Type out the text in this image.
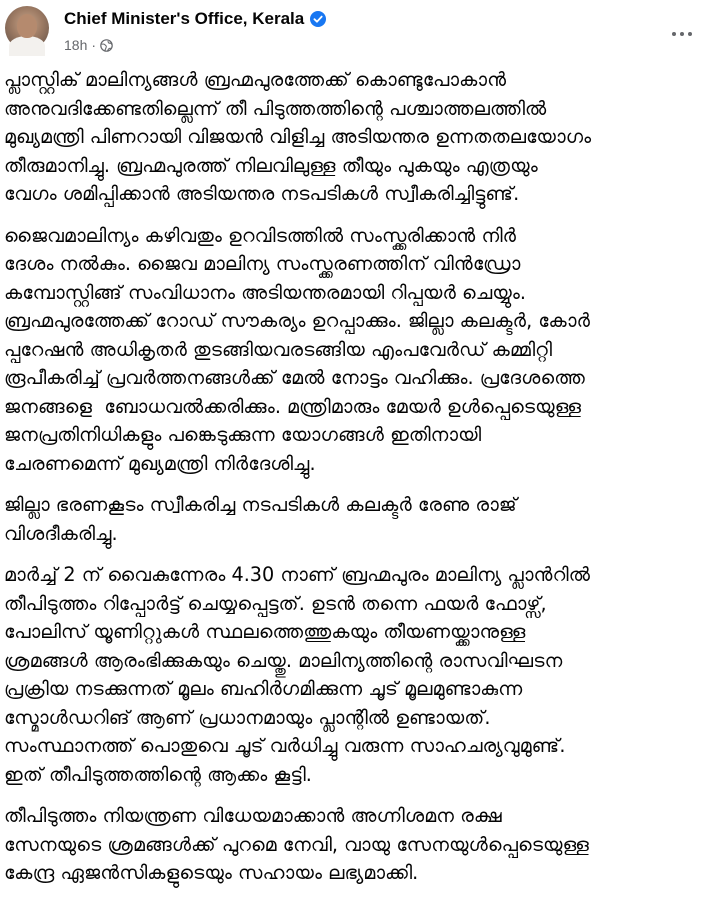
Chief Minister's Office, Kerala
18h ·

പ്ലാസ്റ്റിക് മാലിന്യങ്ങള്‍ ബ്രഹ്മപുരത്തേക്ക് കൊണ്ടുപോകാന്‍
അനുവദിക്കേണ്ടതില്ലെന്ന് തീ പിടുത്തത്തിന്റെ പശ്ചാത്തലത്തില്‍
മുഖ്യമന്ത്രി പിണറായി വിജയന്‍ വിളിച്ച അടിയന്തര ഉന്നതതലയോഗം
തീരുമാനിച്ചു. ബ്രഹ്മപുരത്ത് നിലവിലുള്ള തീയും പുകയും എത്രയും
വേഗം ശമിപ്പിക്കാന്‍ അടിയന്തര നടപടികള്‍ സ്വീകരിച്ചിട്ടുണ്ട്.

ജൈവമാലിന്യം കഴിവതും ഉറവിടത്തില്‍ സംസ്ക്കരിക്കാന്‍ നിര്‍
ദേശം നല്‍കും. ജൈവ മാലിന്യ സംസ്ക്കരണത്തിന് വിന്‍ഡ്രോ
കമ്പോസ്റ്റിങ്ങ് സംവിധാനം അടിയന്തരമായി റിപ്പയര്‍ ചെയ്യും.
ബ്രഹ്മപുരത്തേക്ക് റോഡ് സൗകര്യം ഉറപ്പാക്കും. ജില്ലാ കലക്ടര്‍, കോര്‍
പ്പറേഷന്‍ അധികൃതര്‍ തുടങ്ങിയവരടങ്ങിയ എംപവേര്‍ഡ് കമ്മിറ്റി
രൂപീകരിച്ച് പ്രവര്‍ത്തനങ്ങള്‍ക്ക് മേല്‍ നോട്ടം വഹിക്കും. പ്രദേശത്തെ
ജനങ്ങളെ  ബോധവല്‍ക്കരിക്കും. മന്ത്രിമാരും മേയര്‍ ഉള്‍പ്പെടെയുള്ള
ജനപ്രതിനിധികളും പങ്കെടുക്കുന്ന യോഗങ്ങള്‍ ഇതിനായി
ചേരണമെന്ന് മുഖ്യമന്ത്രി നിര്‍ദേശിച്ചു.

ജില്ലാ ഭരണകൂടം സ്വീകരിച്ച നടപടികള്‍ കലക്ടര്‍ രേണു രാജ്
വിശദീകരിച്ചു.

മാര്‍ച്ച് 2 ന് വൈകുന്നേരം 4.30 നാണ് ബ്രഹ്മപുരം മാലിന്യ പ്ലാന്‍റില്‍
തീപിടുത്തം റിപ്പോര്‍ട്ട് ചെയ്യപ്പെട്ടത്. ഉടന്‍ തന്നെ ഫയര്‍ ഫോഴ്സ്,
പോലിസ് യൂണിറ്റുകള്‍ സ്ഥലത്തെത്തുകയും തീയണയ്ക്കാനുള്ള
ശ്രമങ്ങള്‍ ആരംഭിക്കുകയും ചെയ്തു. മാലിന്യത്തിന്റെ രാസവിഘടന
പ്രക്രിയ നടക്കുന്നത് മൂലം ബഹിര്‍ഗമിക്കുന്ന ചൂട് മൂലമുണ്ടാകുന്ന
സ്മോള്‍ഡറിങ് ആണ് പ്രധാനമായും പ്ലാന്റില്‍ ഉണ്ടായത്.
സംസ്ഥാനത്ത് പൊതുവെ ചൂട് വര്‍ധിച്ചു വരുന്ന സാഹചര്യവുമുണ്ട്.
ഇത് തീപിടുത്തത്തിന്റെ ആക്കം കൂട്ടി.

തീപിടുത്തം നിയന്ത്രണ വിധേയമാക്കാന്‍ അഗ്നിശമന രക്ഷ
സേനയുടെ ശ്രമങ്ങള്‍ക്ക് പുറമെ നേവി, വായു സേനയുള്‍പ്പെടെയുള്ള
കേന്ദ്ര ഏജന്‍സികളുടെയും സഹായം ലഭ്യമാക്കി.
